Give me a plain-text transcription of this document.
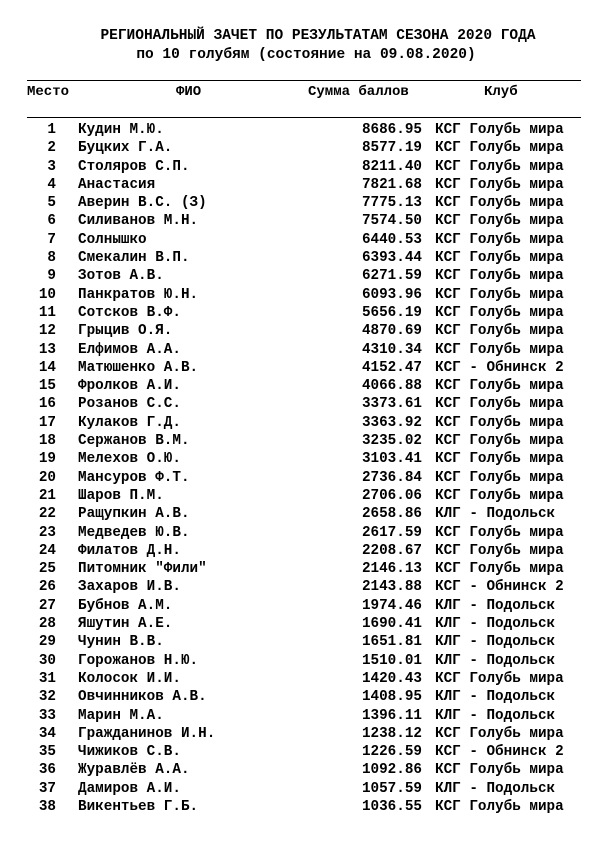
РЕГИОНАЛЬНЫЙ ЗАЧЕТ ПО РЕЗУЛЬТАТАМ СЕЗОНА 2020 ГОДА
по 10 голубям (состояние на 09.08.2020)
Место	ФИО	Сумма баллов	Клуб
1 Кудин М.Ю.	8686.95 КСГ Голубь мира
2 Буцких Г.А.	8577.19 КСГ Голубь мира
3 Столяров С.П.	8211.40 КСГ Голубь мира
4 Анастасия	7821.68 КСГ Голубь мира
5 Аверин В.С. (З)	7775.13 КСГ Голубь мира
6 Силиванов М.Н.	7574.50 КСГ Голубь мира
7 Солнышко	6440.53 КСГ Голубь мира
8 Смекалин В.П.	6393.44 КСГ Голубь мира
9 Зотов А.В.	6271.59 КСГ Голубь мира
10 Панкратов Ю.Н.	6093.96 КСГ Голубь мира
11 Сотсков В.Ф.	5656.19 КСГ Голубь мира
12 Грыцив О.Я.	4870.69 КСГ Голубь мира
13 Елфимов А.А.	4310.34 КСГ Голубь мира
14 Матюшенко А.В.	4152.47 КСГ - Обнинск 2
15 Фролков А.И.	4066.88 КСГ Голубь мира
16 Розанов С.С.	3373.61 КСГ Голубь мира
17 Кулаков Г.Д.	3363.92 КСГ Голубь мира
18 Сержанов В.М.	3235.02 КСГ Голубь мира
19 Мелехов О.Ю.	3103.41 КСГ Голубь мира
20 Мансуров Ф.Т.	2736.84 КСГ Голубь мира
21 Шаров П.М.	2706.06 КСГ Голубь мира
22 Ращупкин А.В.	2658.86 КЛГ - Подольск
23 Медведев Ю.В.	2617.59 КСГ Голубь мира
24 Филатов Д.Н.	2208.67 КСГ Голубь мира
25 Питомник "Фили"	2146.13 КСГ Голубь мира
26 Захаров И.В.	2143.88 КСГ - Обнинск 2
27 Бубнов А.М.	1974.46 КЛГ - Подольск
28 Яшутин А.Е.	1690.41 КЛГ - Подольск
29 Чунин В.В.	1651.81 КЛГ - Подольск
30 Горожанов Н.Ю.	1510.01 КЛГ - Подольск
31 Колосок И.И.	1420.43 КСГ Голубь мира
32 Овчинников А.В.	1408.95 КЛГ - Подольск
33 Марин М.А.	1396.11 КЛГ - Подольск
34 Гражданинов И.Н.	1238.12 КСГ Голубь мира
35 Чижиков С.В.	1226.59 КСГ - Обнинск 2
36 Журавлёв А.А.	1092.86 КСГ Голубь мира
37 Дамиров А.И.	1057.59 КЛГ - Подольск
38 Викентьев Г.Б.	1036.55 КСГ Голубь мира
